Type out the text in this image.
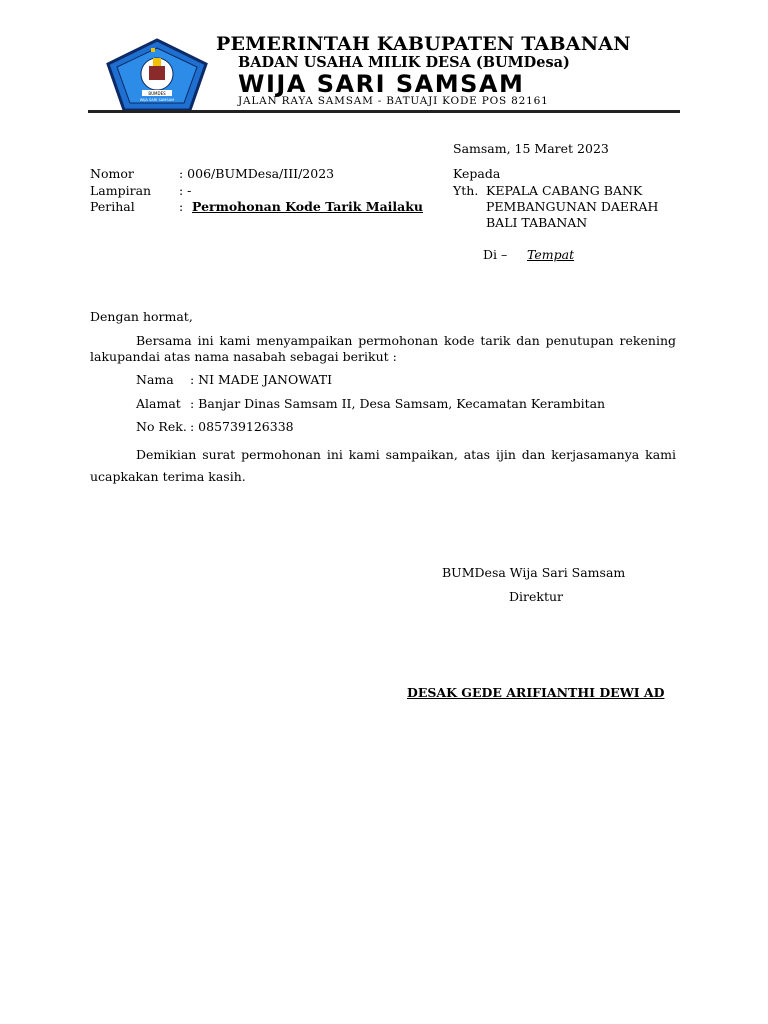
BUMDES
WIJA SARI SAMSAM
PEMERINTAH KABUPATEN TABANAN
BADAN USAHA MILIK DESA (BUMDesa)
WIJA SARI SAMSAM
JALAN RAYA SAMSAM - BATUAJI KODE POS 82161
Samsam, 15 Maret 2023
Nomor	: 006/BUMDesa/III/2023
Lampiran : -
Perihal	: Permohonan Kode Tarik Mailaku
Kepada
Yth. KEPALA CABANG BANK
PEMBANGUNAN DAERAH
BALI TABANAN
Di – Tempat
Dengan hormat,
Bersama ini kami menyampaikan permohonan kode tarik dan penutupan rekening lakupandai atas nama nasabah sebagai berikut :
Nama : NI MADE JANOWATI
Alamat : Banjar Dinas Samsam II, Desa Samsam, Kecamatan Kerambitan
No Rek. : 085739126338
Demikian surat permohonan ini kami sampaikan, atas ijin dan kerjasamanya kami ucapkakan terima kasih.
BUMDesa Wija Sari Samsam
Direktur
DESAK GEDE ARIFIANTHI DEWI AD
